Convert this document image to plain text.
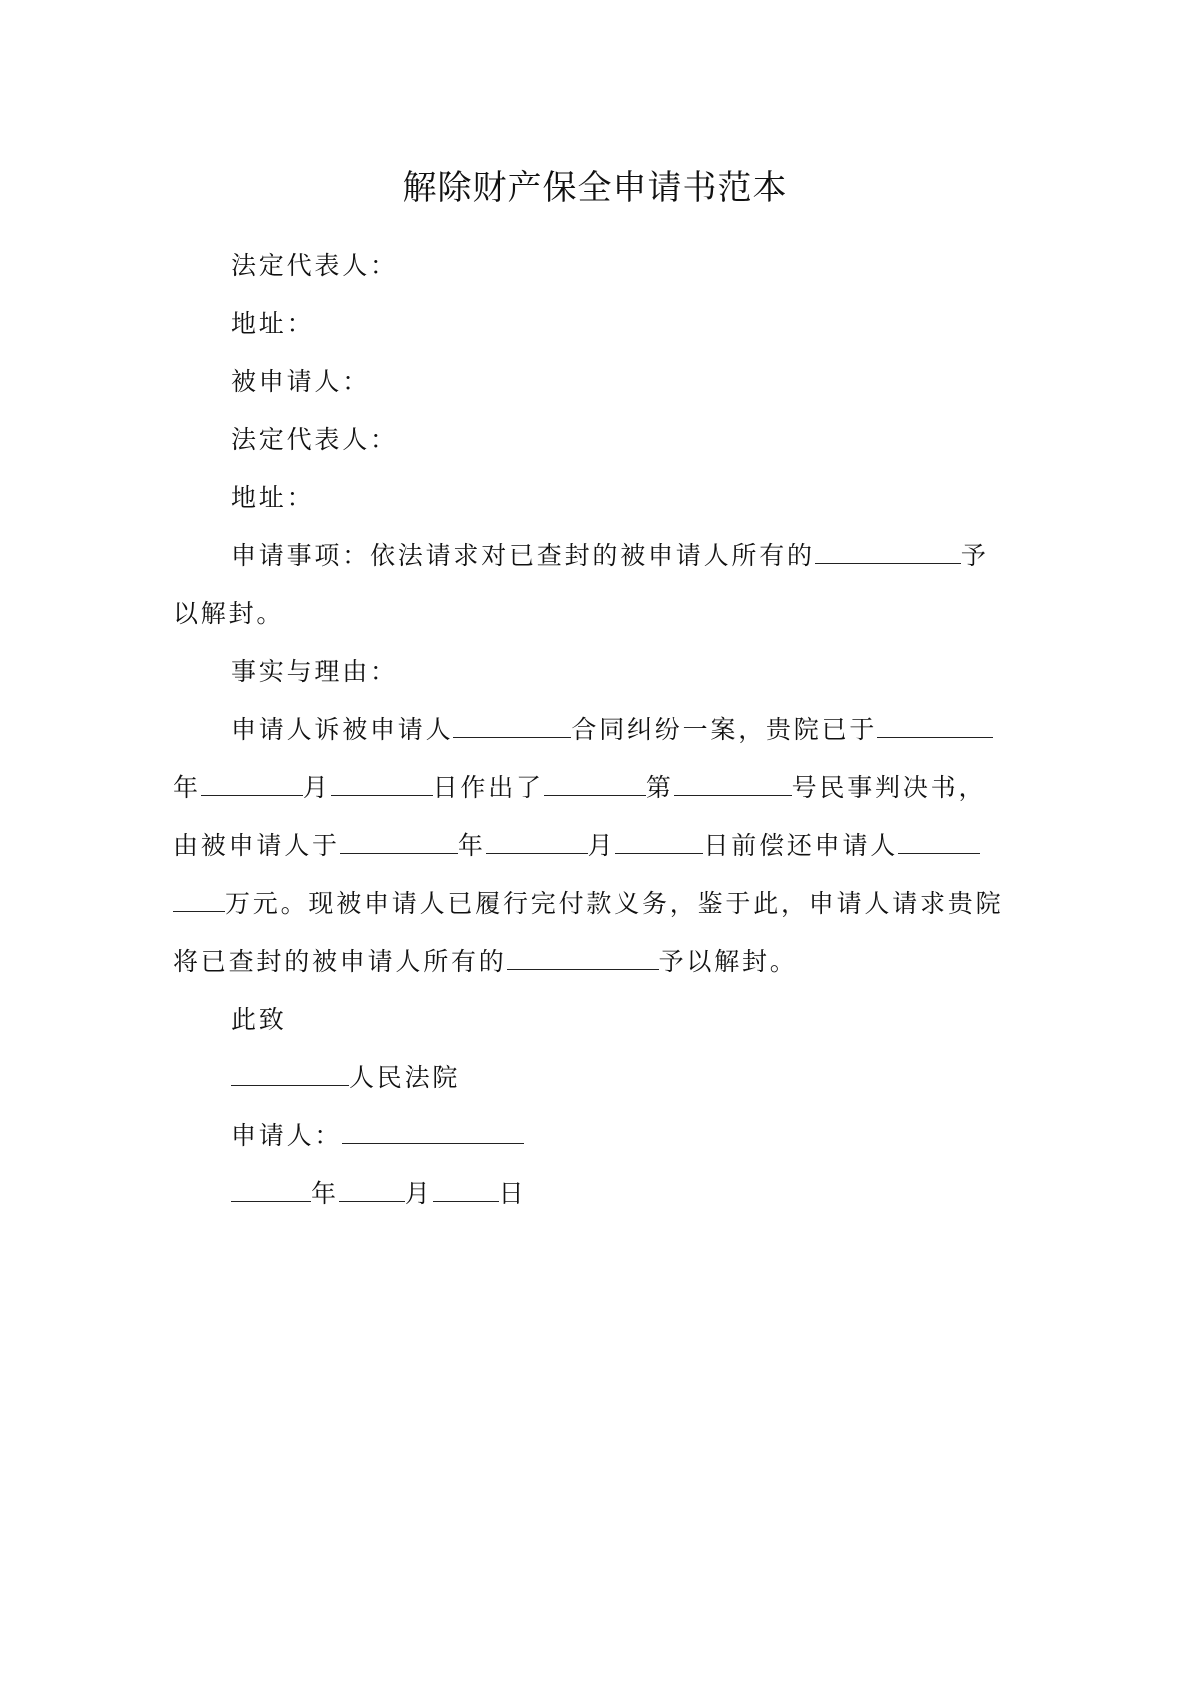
解除财产保全申请书范本
法定代表人：
地址：
被申请人：
法定代表人：
地址：
申请事项：依法请求对已查封的被申请人所有的	予
以解封。
事实与理由：
申请人诉被申请人	合同纠纷一案，贵院已于
年	月	日作出了	第	号民事判决书，
由被申请人于	年	月	日前偿还申请人
万元。现被申请人已履行完付款义务，鉴于此，申请人请求贵院
将已查封的被申请人所有的	予以解封。
此致
人民法院
申请人：
年	月	日
